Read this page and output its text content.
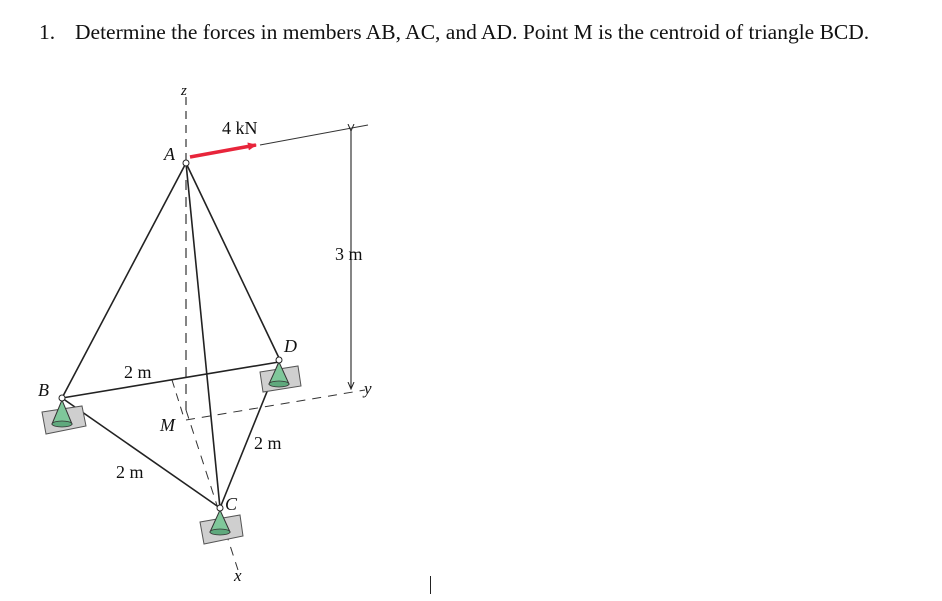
1. Determine the forces in members AB, AC, and AD. Point M is the centroid of triangle BCD.
z
A
4 kN
3 m
D
B
2 m
y
M
2 m
2 m
C
x
